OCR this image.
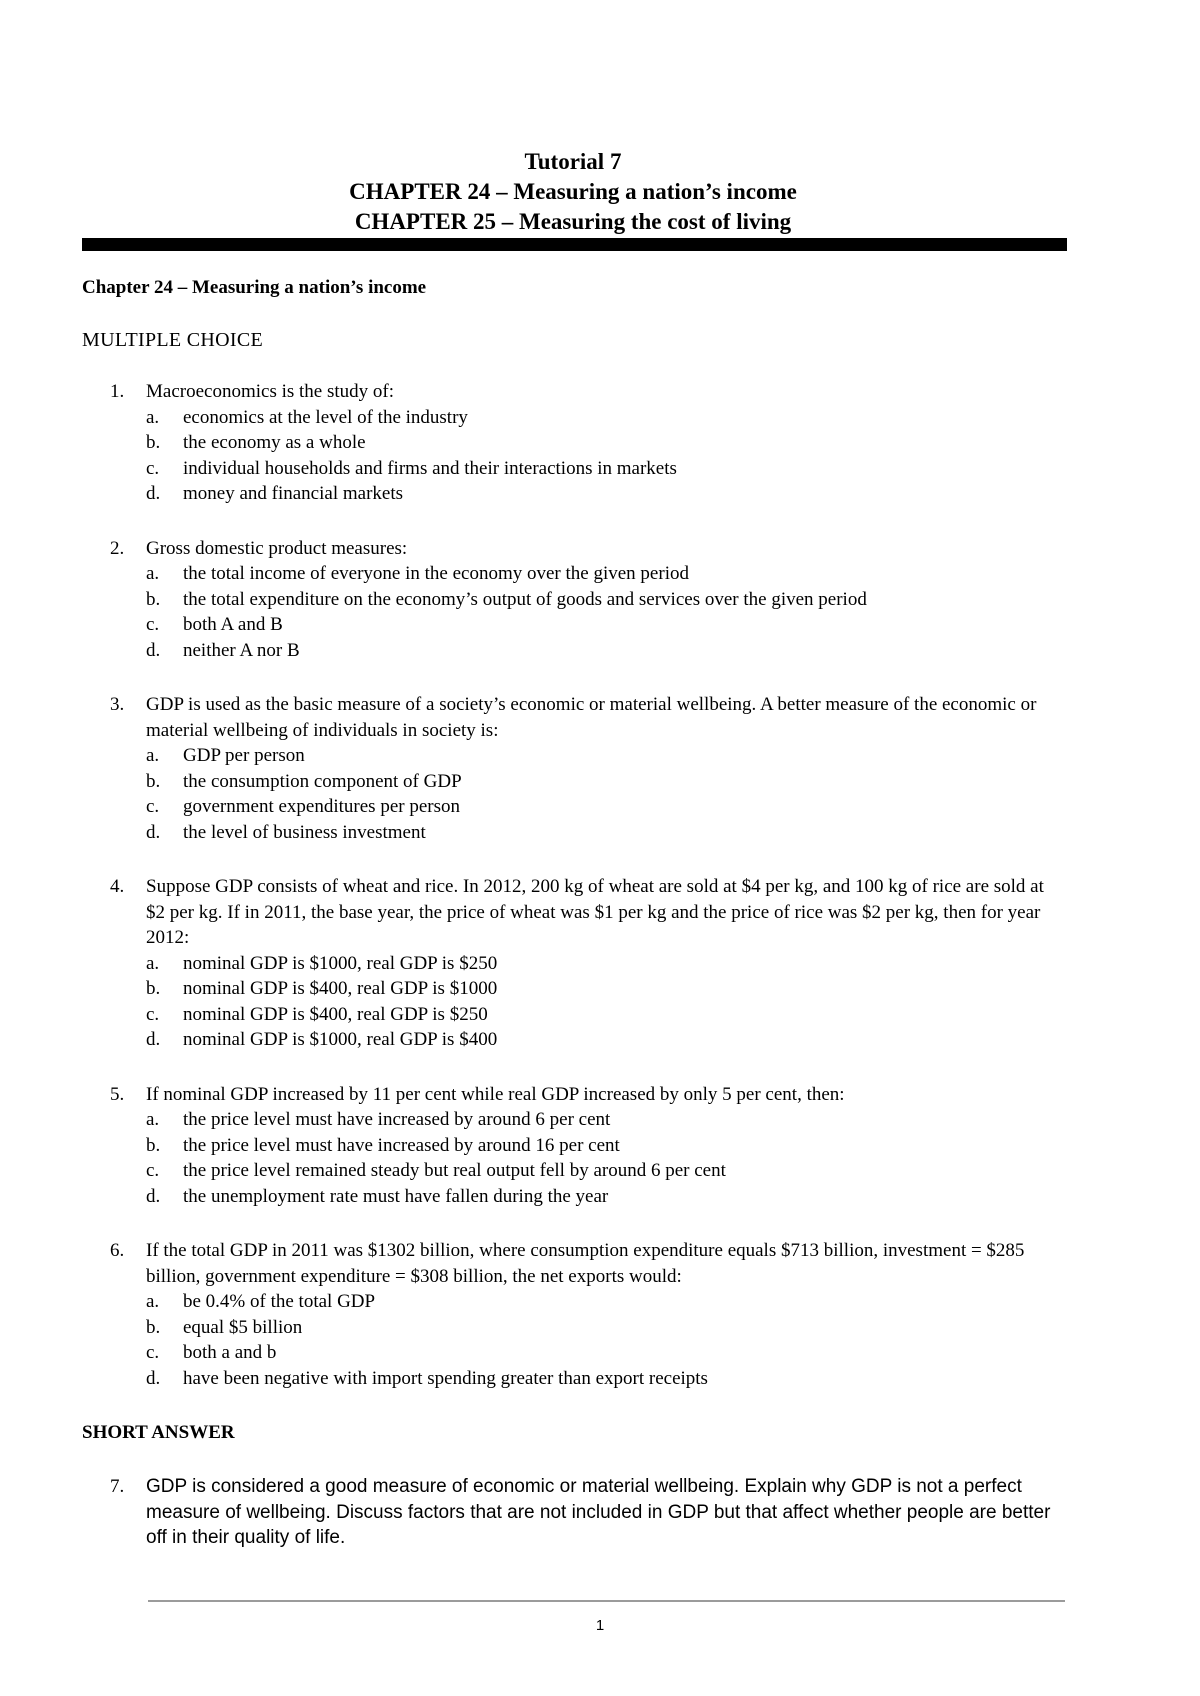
Tutorial 7

CHAPTER 24 – Measuring a nation’s income

CHAPTER 25 – Measuring the cost of living

Chapter 24 – Measuring a nation’s income

MULTIPLE CHOICE

1.	Macroeconomics is the study of:
a. economics at the level of the industry
b. the economy as a whole
c. individual households and firms and their interactions in markets
d. money and financial markets
2.	Gross domestic product measures:
a. the total income of everyone in the economy over the given period
b. the total expenditure on the economy’s output of goods and services over the given period
c. both A and B
d. neither A nor B
3.	GDP is used as the basic measure of a society’s economic or material wellbeing. A better measure of the economic or material wellbeing of individuals in society is:
a. GDP per person
b. the consumption component of GDP
c. government expenditures per person
d. the level of business investment
4.	Suppose GDP consists of wheat and rice. In 2012, 200 kg of wheat are sold at $4 per kg, and 100 kg of rice are sold at $2 per kg. If in 2011, the base year, the price of wheat was $1 per kg and the price of rice was $2 per kg, then for year 2012:
a. nominal GDP is $1000, real GDP is $250
b. nominal GDP is $400, real GDP is $1000
c. nominal GDP is $400, real GDP is $250
d. nominal GDP is $1000, real GDP is $400
5.	If nominal GDP increased by 11 per cent while real GDP increased by only 5 per cent, then:
a. the price level must have increased by around 6 per cent
b. the price level must have increased by around 16 per cent
c. the price level remained steady but real output fell by around 6 per cent
d. the unemployment rate must have fallen during the year
6.	If the total GDP in 2011 was $1302 billion, where consumption expenditure equals $713 billion, investment = $285 billion, government expenditure = $308 billion, the net exports would:
a. be 0.4% of the total GDP
b. equal $5 billion
c. both a and b
d. have been negative with import spending greater than export receipts

SHORT ANSWER

7.	GDP is considered a good measure of economic or material wellbeing. Explain why GDP is not a perfect measure of wellbeing. Discuss factors that are not included in GDP but that affect whether people are better off in their quality of life.
1
